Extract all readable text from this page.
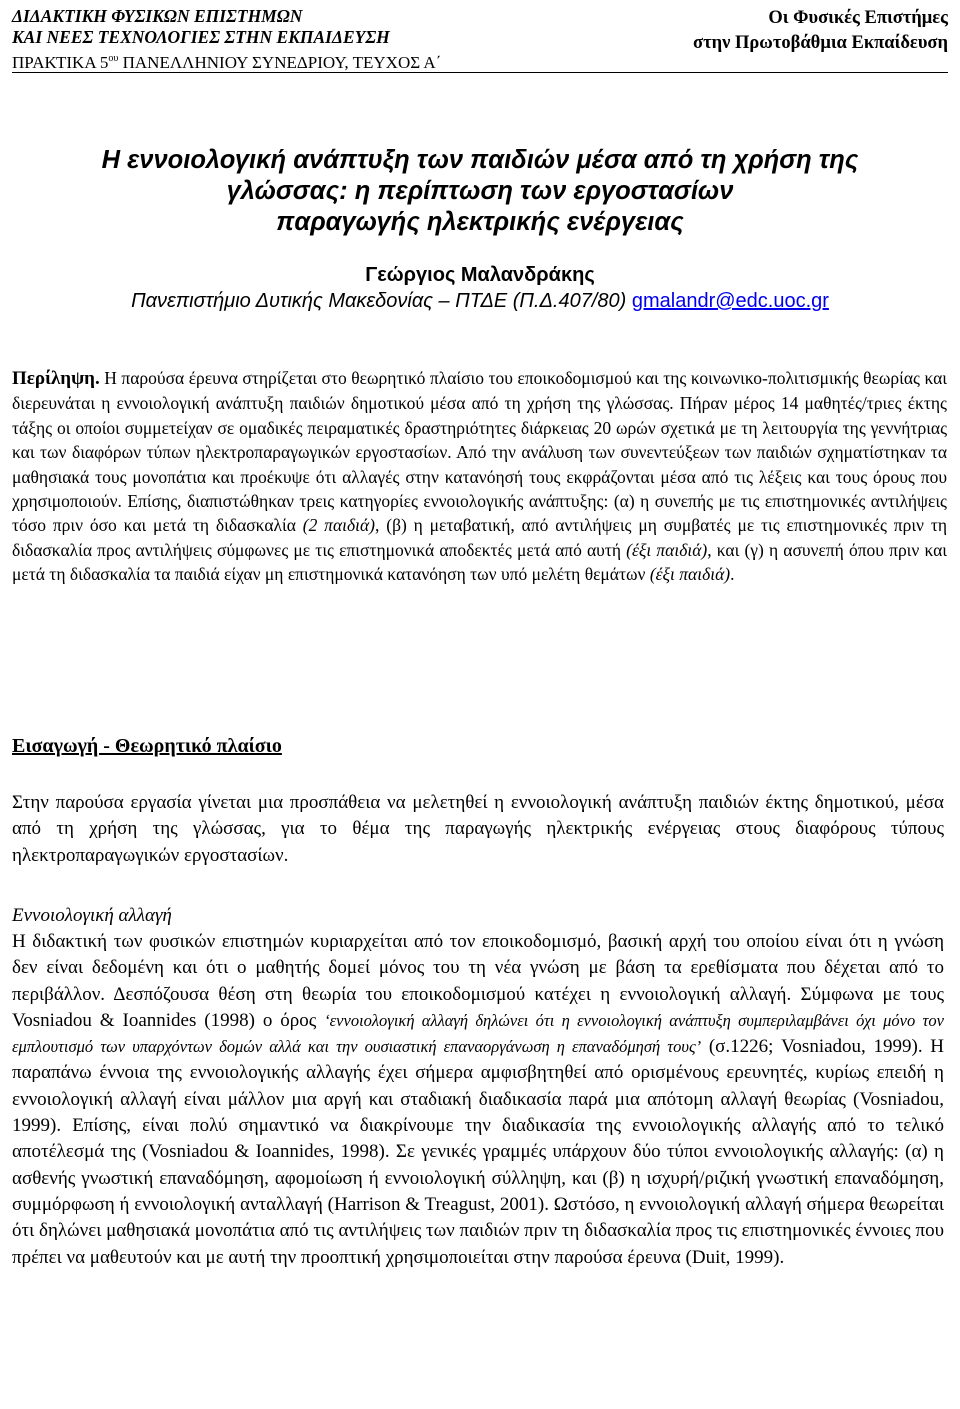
ΔΙΔΑΚΤΙΚΗ ΦΥΣΙΚΩΝ ΕΠΙΣΤΗΜΩΝ
ΚΑΙ ΝΕΕΣ ΤΕΧΝΟΛΟΓΙΕΣ ΣΤΗΝ ΕΚΠΑΙΔΕΥΣΗ
ΠΡΑΚΤΙΚΑ $5^{o\upsilon}$ ΠΑΝΕΛΛΗΝΙΟΥ ΣΥΝΕΔΡΙΟΥ, ΤΕΥΧΟΣ Α΄
Οι Φυσικές Επιστήμες
στην Πρωτοβάθμια Εκπαίδευση
Η εννοιολογική ανάπτυξη των παιδιών μέσα από τη χρήση της
γλώσσας: η περίπτωση των εργοστασίων
παραγωγής ηλεκτρικής ενέργειας
Γεώργιος Μαλανδράκης
Πανεπιστήμιο Δυτικής Μακεδονίας – ΠΤΔΕ (Π.Δ.407/80) gmalandr@edc.uoc.gr
Περίληψη. Η παρούσα έρευνα στηρίζεται στο θεωρητικό πλαίσιο του εποικοδομισμού και της κοινωνικο-πολιτισμικής θεωρίας και διερευνάται η εννοιολογική ανάπτυξη παιδιών δημοτικού μέσα από τη χρήση της γλώσσας. Πήραν μέρος 14 μαθητές/τριες έκτης τάξης οι οποίοι συμμετείχαν σε ομαδικές πειραματικές δραστηριότητες διάρκειας 20 ωρών σχετικά με τη λειτουργία της γεννήτριας και των διαφόρων τύπων ηλεκτροπαραγωγικών εργοστασίων. Από την ανάλυση των συνεντεύξεων των παιδιών σχηματίστηκαν τα μαθησιακά τους μονοπάτια και προέκυψε ότι αλλαγές στην κατανόησή τους εκφράζονται μέσα από τις λέξεις και τους όρους που χρησιμοποιούν. Επίσης, διαπιστώθηκαν τρεις κατηγορίες εννοιολογικής ανάπτυξης: (α) η συνεπής με τις επιστημονικές αντιλήψεις τόσο πριν όσο και μετά τη διδασκαλία (2 παιδιά), (β) η μεταβατική, από αντιλήψεις μη συμβατές με τις επιστημονικές πριν τη διδασκαλία προς αντιλήψεις σύμφωνες με τις επιστημονικά αποδεκτές μετά από αυτή (έξι παιδιά), και (γ) η ασυνεπή όπου πριν και μετά τη διδασκαλία τα παιδιά είχαν μη επιστημονικά κατανόηση των υπό μελέτη θεμάτων (έξι παιδιά).
Εισαγωγή - Θεωρητικό πλαίσιο

Στην παρούσα εργασία γίνεται μια προσπάθεια να μελετηθεί η εννοιολογική ανάπτυξη παιδιών έκτης δημοτικού, μέσα από τη χρήση της γλώσσας, για το θέμα της παραγωγής ηλεκτρικής ενέργειας στους διαφόρους τύπους ηλεκτροπαραγωγικών εργοστασίων.

Εννοιολογική αλλαγή

Η διδακτική των φυσικών επιστημών κυριαρχείται από τον εποικοδομισμό, βασική αρχή του οποίου είναι ότι η γνώση δεν είναι δεδομένη και ότι ο μαθητής δομεί μόνος του τη νέα γνώση με βάση τα ερεθίσματα που δέχεται από το περιβάλλον. Δεσπόζουσα θέση στη θεωρία του εποικοδομισμού κατέχει η εννοιολογική αλλαγή. Σύμφωνα με τους Vosniadou & Ioannides (1998) ο όρος ‘εννοιολογική αλλαγή δηλώνει ότι η εννοιολογική ανάπτυξη συμπεριλαμβάνει όχι μόνο τον εμπλουτισμό των υπαρχόντων δομών αλλά και την ουσιαστική επαναοργάνωση η επαναδόμησή τους’ (σ.1226; Vosniadou, 1999). Η παραπάνω έννοια της εννοιολογικής αλλαγής έχει σήμερα αμφισβητηθεί από ορισμένους ερευνητές, κυρίως επειδή η εννοιολογική αλλαγή είναι μάλλον μια αργή και σταδιακή διαδικασία παρά μια απότομη αλλαγή θεωρίας (Vosniadou, 1999). Επίσης, είναι πολύ σημαντικό να διακρίνουμε την διαδικασία της εννοιολογικής αλλαγής από το τελικό αποτέλεσμά της (Vosniadou & Ioannides, 1998). Σε γενικές γραμμές υπάρχουν δύο τύποι εννοιολογικής αλλαγής: (α) η ασθενής γνωστική επαναδόμηση, αφομοίωση ή εννοιολογική σύλληψη, και (β) η ισχυρή/ριζική γνωστική επαναδόμηση, συμμόρφωση ή εννοιολογική ανταλλαγή (Harrison & Treagust, 2001). Ωστόσο, η εννοιολογική αλλαγή σήμερα θεωρείται ότι δηλώνει μαθησιακά μονοπάτια από τις αντιλήψεις των παιδιών πριν τη διδασκαλία προς τις επιστημονικές έννοιες που πρέπει να μαθευτούν και με αυτή την προοπτική χρησιμοποιείται στην παρούσα έρευνα (Duit, 1999).
